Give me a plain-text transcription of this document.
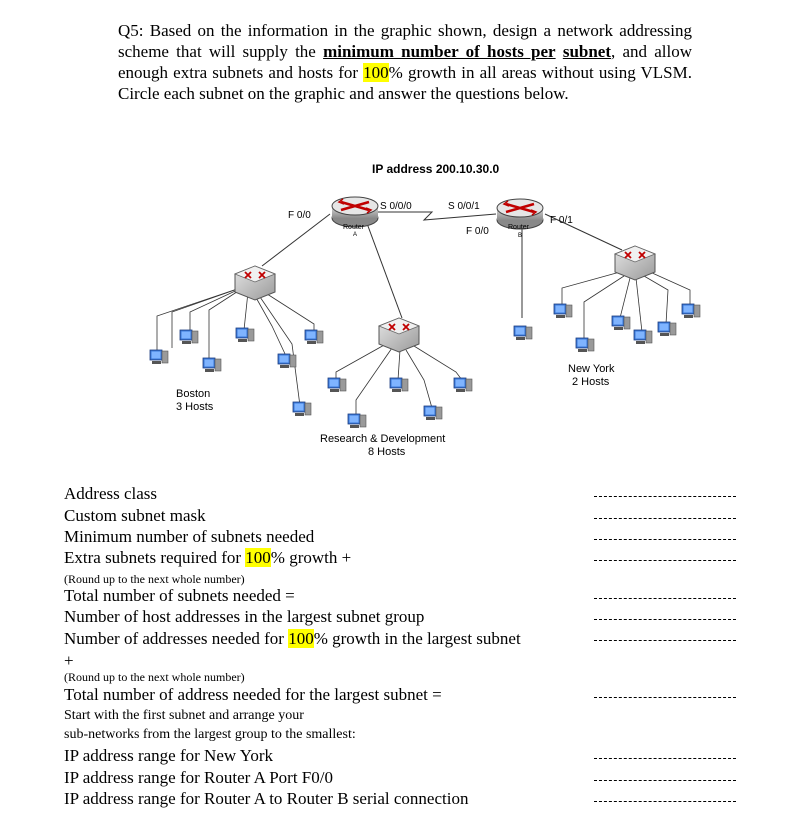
Q5: Based on the information in the graphic shown, design a network addressing scheme that will supply the minimum number of hosts per subnet, and allow enough extra subnets and hosts for 100% growth in all areas without using VLSM. Circle each subnet on the graphic and answer the questions below.
IP address 200.10.30.0
Router
A
Router
B
F 0/0
S 0/0/0	S 0/0/1
F 0/0
F 0/1
Boston
3 Hosts
New York
2 Hosts
Research & Development
8 Hosts
Address class
Custom subnet mask
Minimum number of subnets needed
Extra subnets required for 100% growth +
(Round up to the next whole number)
Total number of subnets needed =
Number of host addresses in the largest subnet group
Number of addresses needed for 100% growth in the largest subnet
+
(Round up to the next whole number)
Total number of address needed for the largest subnet =
Start with the first subnet and arrange your
sub-networks from the largest group to the smallest:
IP address range for New York
IP address range for Router A Port F0/0
IP address range for Router A to Router B serial connection
